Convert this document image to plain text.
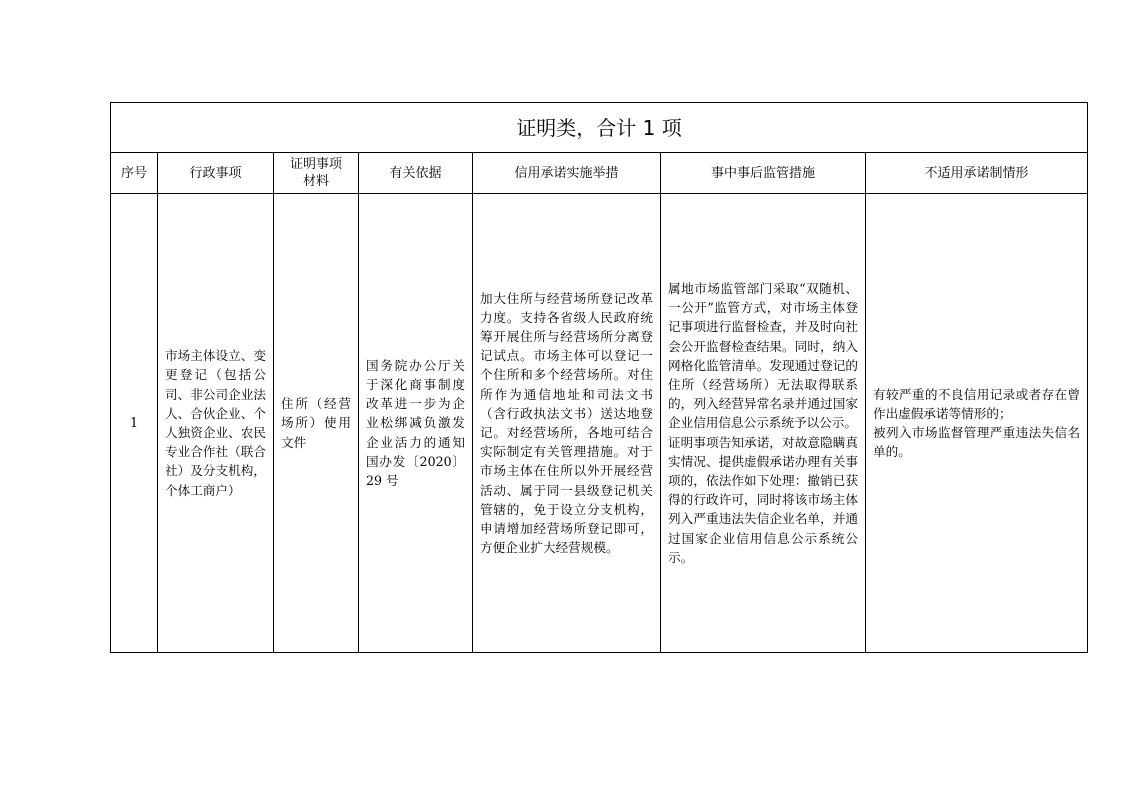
证明类，合计 1 项						
序号	行政事项	证明事项材料	有关依据	信用承诺实施举措	事中事后监管措施	不适用承诺制情形
1	市场主体设立、变更登记（包括公司、非公司企业法人、合伙企业、个人独资企业、农民专业合作社（联合社）及分支机构，个体工商户）	住所（经营场所）使用文件	国务院办公厅关于深化商事制度改革进一步为企业松绑减负激发企业活力的通知国办发〔2020〕29 号	加大住所与经营场所登记改革力度。支持各省级人民政府统筹开展住所与经营场所分离登记试点。市场主体可以登记一个住所和多个经营场所。对住所作为通信地址和司法文书（含行政执法文书）送达地登记。对经营场所，各地可结合实际制定有关管理措施。对于市场主体在住所以外开展经营活动、属于同一县级登记机关管辖的，免于设立分支机构，申请增加经营场所登记即可，方便企业扩大经营规模。	属地市场监管部门采取“双随机、一公开”监管方式，对市场主体登记事项进行监督检查，并及时向社会公开监督检查结果。同时，纳入网格化监管清单。发现通过登记的住所（经营场所）无法取得联系的，列入经营异常名录并通过国家企业信用信息公示系统予以公示。
证明事项告知承诺，对故意隐瞒真实情况、提供虚假承诺办理有关事项的，依法作如下处理：撤销已获得的行政许可，同时将该市场主体列入严重违法失信企业名单，并通过国家企业信用信息公示系统公示。	有较严重的不良信用记录或者存在曾作出虚假承诺等情形的；
被列入市场监督管理严重违法失信名单的。
